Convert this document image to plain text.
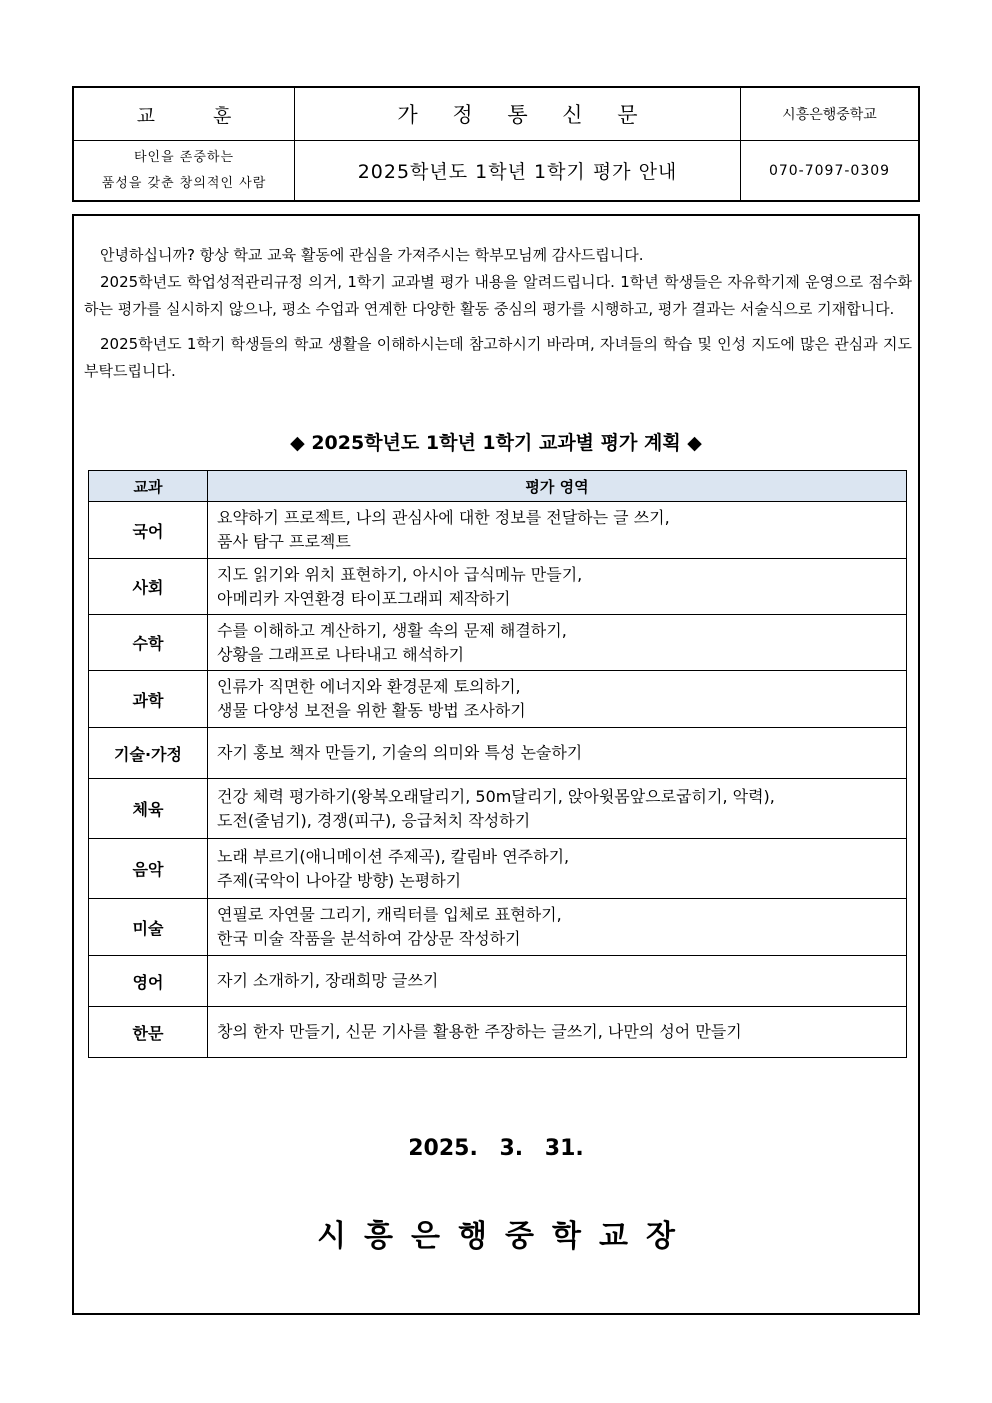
교 훈	가 정 통 신 문	시흥은행중학교
타인을 존중하는
품성을 갖춘 창의적인 사람	2025학년도 1학년 1학기 평가 안내	070-7097-0309

안녕하십니까? 항상 학교 교육 활동에 관심을 가져주시는 학부모님께 감사드립니다.

2025학년도 학업성적관리규정 의거, 1학기 교과별 평가 내용을 알려드립니다. 1학년 학생들은 자유학기제 운영으로 점수화하는 평가를 실시하지 않으나, 평소 수업과 연계한 다양한 활동 중심의 평가를 시행하고, 평가 결과는 서술식으로 기재합니다.

2025학년도 1학기 학생들의 학교 생활을 이해하시는데 참고하시기 바라며, 자녀들의 학습 및 인성 지도에 많은 관심과 지도 부탁드립니다.

◆ 2025학년도 1학년 1학기 교과별 평가 계획 ◆
교과	평가 영역
국어	요약하기 프로젝트, 나의 관심사에 대한 정보를 전달하는 글 쓰기,
품사 탐구 프로젝트

사회	지도 읽기와 위치 표현하기, 아시아 급식메뉴 만들기,
아메리카 자연환경 타이포그래피 제작하기

수학	수를 이해하고 계산하기, 생활 속의 문제 해결하기,
상황을 그래프로 나타내고 해석하기

과학	인류가 직면한 에너지와 환경문제 토의하기,
생물 다양성 보전을 위한 활동 방법 조사하기

기술·가정	자기 홍보 책자 만들기, 기술의 의미와 특성 논술하기

체육	건강 체력 평가하기(왕복오래달리기, 50m달리기, 앉아윗몸앞으로굽히기, 악력),
도전(줄넘기), 경쟁(피구), 응급처치 작성하기

음악	노래 부르기(애니메이션 주제곡), 칼림바 연주하기,
주제(국악이 나아갈 방향) 논평하기

미술	연필로 자연물 그리기, 캐릭터를 입체로 표현하기,
한국 미술 작품을 분석하여 감상문 작성하기

영어	자기 소개하기, 장래희망 글쓰기

한문	창의 한자 만들기, 신문 기사를 활용한 주장하는 글쓰기, 나만의 성어 만들기
2025. 3. 31.
시흥은행중학교장
